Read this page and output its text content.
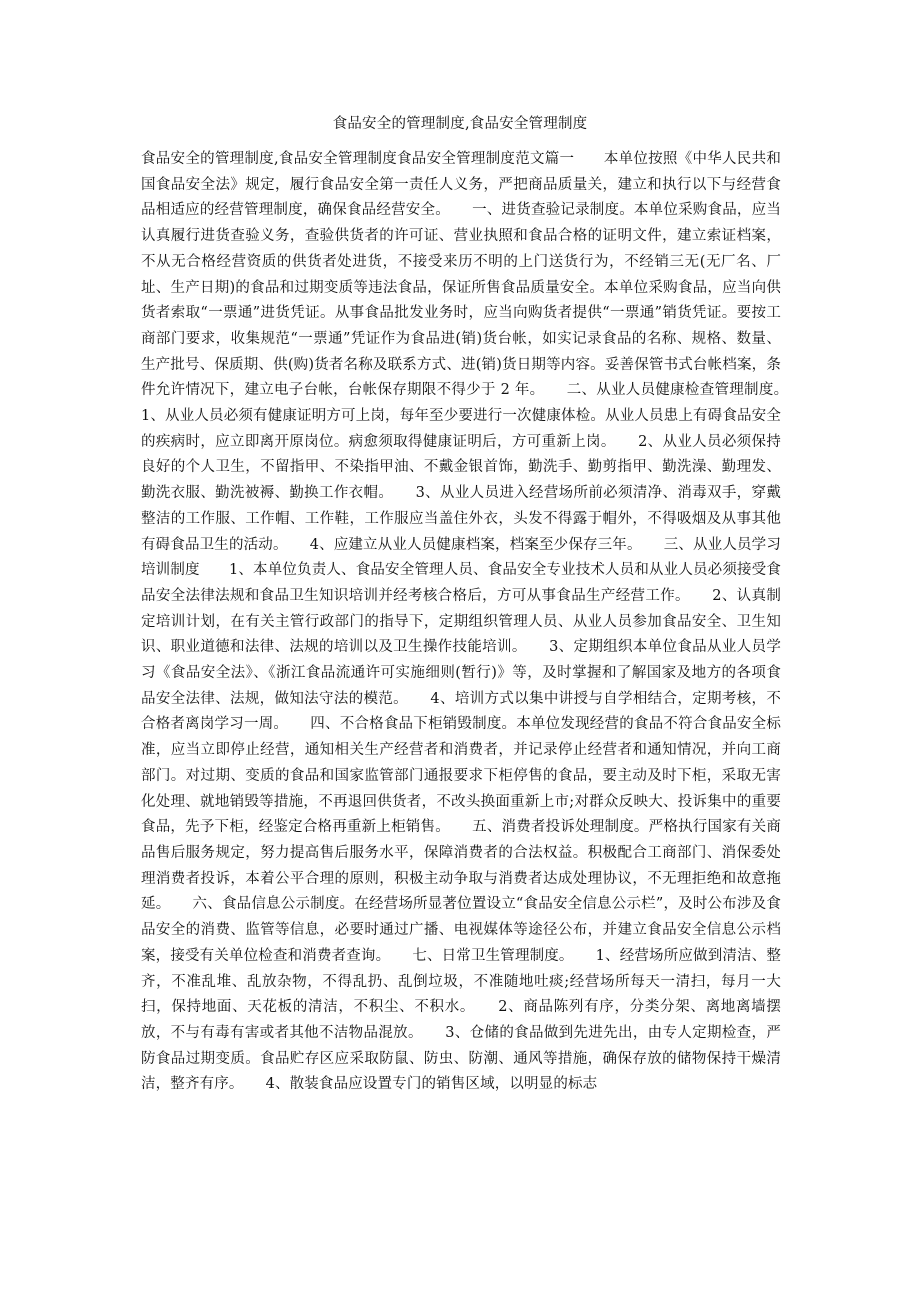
食品安全的管理制度,食品安全管理制度
食品安全的管理制度,食品安全管理制度食品安全管理制度范文篇一　　本单位按照《中华人民共和国食品安全法》规定，履行食品安全第一责任人义务，严把商品质量关，建立和执行以下与经营食品相适应的经营管理制度，确保食品经营安全。　　一、进货查验记录制度。本单位采购食品，应当认真履行进货查验义务，查验供货者的许可证、营业执照和食品合格的证明文件，建立索证档案，不从无合格经营资质的供货者处进货，不接受来历不明的上门送货行为，不经销三无(无厂名、厂址、生产日期)的食品和过期变质等违法食品，保证所售食品质量安全。本单位采购食品，应当向供货者索取“一票通”进货凭证。从事食品批发业务时，应当向购货者提供“一票通”销货凭证。要按工商部门要求，收集规范“一票通”凭证作为食品进(销)货台帐，如实记录食品的名称、规格、数量、生产批号、保质期、供(购)货者名称及联系方式、进(销)货日期等内容。妥善保管书式台帐档案，条件允许情况下，建立电子台帐，台帐保存期限不得少于 2 年。　　二、从业人员健康检查管理制度。　　1、从业人员必须有健康证明方可上岗，每年至少要进行一次健康体检。从业人员患上有碍食品安全的疾病时，应立即离开原岗位。病愈须取得健康证明后，方可重新上岗。　　2、从业人员必须保持良好的个人卫生，不留指甲、不染指甲油、不戴金银首饰，勤洗手、勤剪指甲、勤洗澡、勤理发、勤洗衣服、勤洗被褥、勤换工作衣帽。　　3、从业人员进入经营场所前必须清净、消毒双手，穿戴整洁的工作服、工作帽、工作鞋，工作服应当盖住外衣，头发不得露于帽外，不得吸烟及从事其他有碍食品卫生的活动。　　4、应建立从业人员健康档案，档案至少保存三年。　　三、从业人员学习培训制度　　1、本单位负责人、食品安全管理人员、食品安全专业技术人员和从业人员必须接受食品安全法律法规和食品卫生知识培训并经考核合格后，方可从事食品生产经营工作。　　2、认真制定培训计划，在有关主管行政部门的指导下，定期组织管理人员、从业人员参加食品安全、卫生知识、职业道德和法律、法规的培训以及卫生操作技能培训。　　3、定期组织本单位食品从业人员学习《食品安全法》、《浙江食品流通许可实施细则(暂行)》等，及时掌握和了解国家及地方的各项食品安全法律、法规，做知法守法的模范。　　4、培训方式以集中讲授与自学相结合，定期考核，不合格者离岗学习一周。　　四、不合格食品下柜销毁制度。本单位发现经营的食品不符合食品安全标准，应当立即停止经营，通知相关生产经营者和消费者，并记录停止经营者和通知情况，并向工商部门。对过期、变质的食品和国家监管部门通报要求下柜停售的食品，要主动及时下柜，采取无害化处理、就地销毁等措施，不再退回供货者，不改头换面重新上市;对群众反映大、投诉集中的重要食品，先予下柜，经鉴定合格再重新上柜销售。　　五、消费者投诉处理制度。严格执行国家有关商品售后服务规定，努力提高售后服务水平，保障消费者的合法权益。积极配合工商部门、消保委处理消费者投诉，本着公平合理的原则，积极主动争取与消费者达成处理协议，不无理拒绝和故意拖延。　　六、食品信息公示制度。在经营场所显著位置设立“食品安全信息公示栏”，及时公布涉及食品安全的消费、监管等信息，必要时通过广播、电视媒体等途径公布，并建立食品安全信息公示档案，接受有关单位检查和消费者查询。　　七、日常卫生管理制度。　　1、经营场所应做到清洁、整齐，不准乱堆、乱放杂物，不得乱扔、乱倒垃圾，不准随地吐痰;经营场所每天一清扫，每月一大扫，保持地面、天花板的清洁，不积尘、不积水。　　2、商品陈列有序，分类分架、离地离墙摆放，不与有毒有害或者其他不洁物品混放。　　3、仓储的食品做到先进先出，由专人定期检查，严防食品过期变质。食品贮存区应采取防鼠、防虫、防潮、通风等措施，确保存放的储物保持干燥清洁，整齐有序。　　4、散装食品应设置专门的销售区域，以明显的标志
